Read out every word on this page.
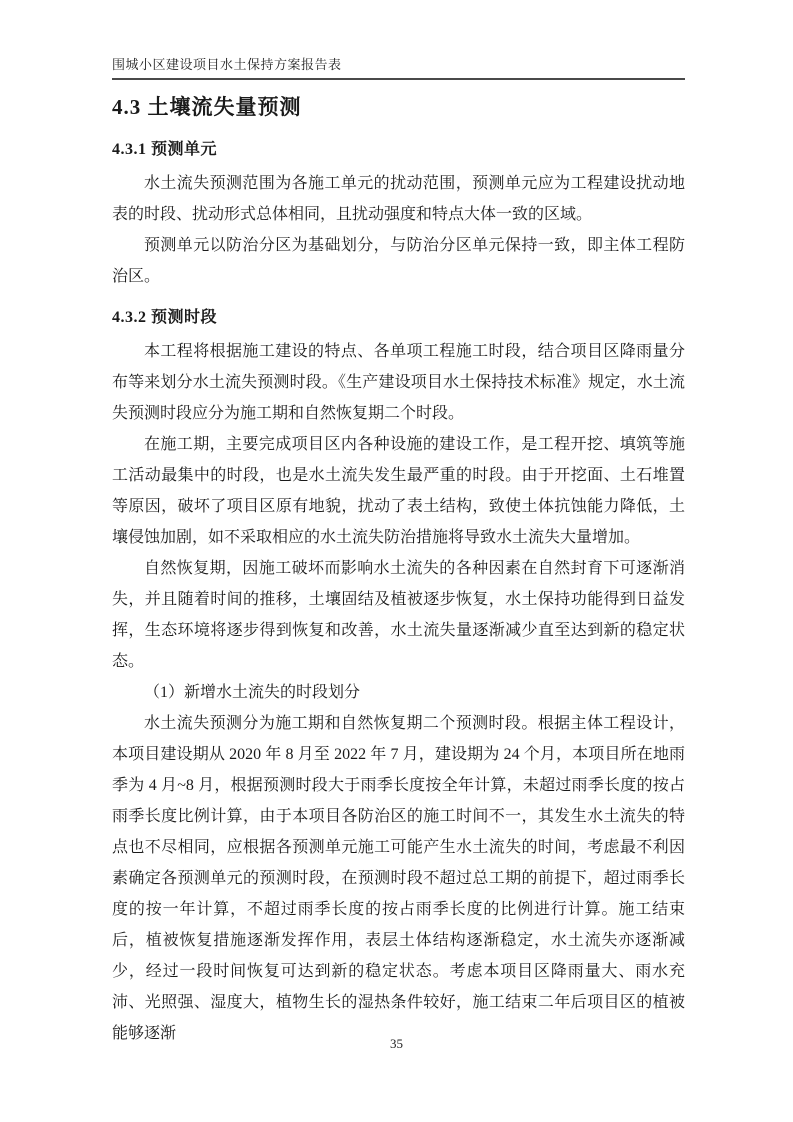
围城小区建设项目水土保持方案报告表
4.3 土壤流失量预测
4.3.1 预测单元

水土流失预测范围为各施工单元的扰动范围，预测单元应为工程建设扰动地表的时段、扰动形式总体相同，且扰动强度和特点大体一致的区域。

预测单元以防治分区为基础划分，与防治分区单元保持一致，即主体工程防治区。

4.3.2 预测时段

本工程将根据施工建设的特点、各单项工程施工时段，结合项目区降雨量分布等来划分水土流失预测时段。《生产建设项目水土保持技术标准》规定，水土流失预测时段应分为施工期和自然恢复期二个时段。

在施工期，主要完成项目区内各种设施的建设工作，是工程开挖、填筑等施工活动最集中的时段，也是水土流失发生最严重的时段。由于开挖面、土石堆置等原因，破坏了项目区原有地貌，扰动了表土结构，致使土体抗蚀能力降低，土壤侵蚀加剧，如不采取相应的水土流失防治措施将导致水土流失大量增加。

自然恢复期，因施工破坏而影响水土流失的各种因素在自然封育下可逐渐消失，并且随着时间的推移，土壤固结及植被逐步恢复，水土保持功能得到日益发挥，生态环境将逐步得到恢复和改善，水土流失量逐渐减少直至达到新的稳定状态。

（1）新增水土流失的时段划分

水土流失预测分为施工期和自然恢复期二个预测时段。根据主体工程设计，本项目建设期从 2020 年 8 月至 2022 年 7 月，建设期为 24 个月，本项目所在地雨季为 4 月~8 月，根据预测时段大于雨季长度按全年计算，未超过雨季长度的按占雨季长度比例计算，由于本项目各防治区的施工时间不一，其发生水土流失的特点也不尽相同，应根据各预测单元施工可能产生水土流失的时间，考虑最不利因素确定各预测单元的预测时段，在预测时段不超过总工期的前提下，超过雨季长度的按一年计算，不超过雨季长度的按占雨季长度的比例进行计算。施工结束后，植被恢复措施逐渐发挥作用，表层土体结构逐渐稳定，水土流失亦逐渐减少，经过一段时间恢复可达到新的稳定状态。考虑本项目区降雨量大、雨水充沛、光照强、湿度大，植物生长的湿热条件较好，施工结束二年后项目区的植被能够逐渐

35
